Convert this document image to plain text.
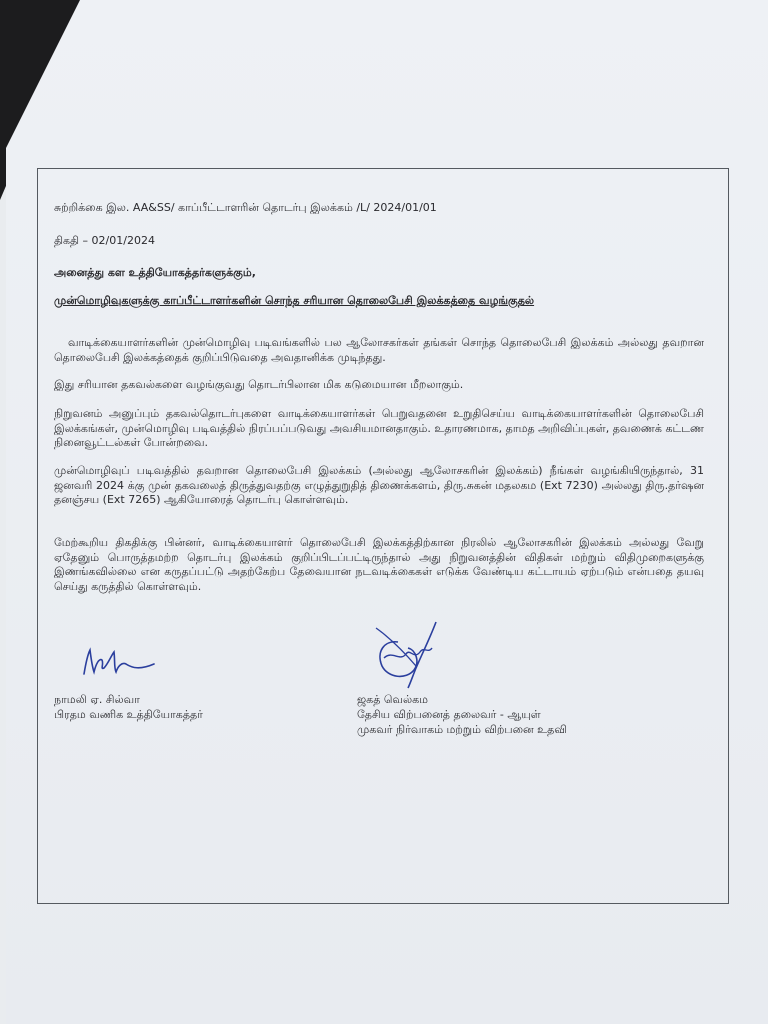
சுற்றிக்கை இல. AA&SS/ காப்பீட்டாளரின் தொடர்பு இலக்கம் /L/ 2024/01/01
திகதி – 02/01/2024
அனைத்து கள உத்தியோகத்தர்களுக்கும்,
முன்மொழிவுகளுக்கு காப்பீட்டாளர்களின் சொந்த சரியான தொலைபேசி இலக்கத்தை வழங்குதல்
வாடிக்கையாளர்களின் முன்மொழிவு படிவங்களில் பல ஆலோசகர்கள் தங்கள் சொந்த தொலைபேசி இலக்கம் அல்லது தவறான தொலைபேசி இலக்கத்தைக் குறிப்பிடுவதை அவதானிக்க முடிந்தது.
இது சரியான தகவல்களை வழங்குவது தொடர்பிலான மிக கடுமையான மீறலாகும்.
நிறுவனம் அனுப்பும் தகவல்தொடர்புகளை வாடிக்கையாளர்கள் பெறுவதனை உறுதிசெய்ய வாடிக்கையாளர்களின் தொலைபேசி இலக்கங்கள், முன்மொழிவு படிவத்தில் நிரப்பப்படுவது அவசியமானதாகும். உதாரணமாக, தாமத அறிவிப்புகள், தவணைக் கட்டண நினைவூட்டல்கள் போன்றவை.
முன்மொழிவுப் படிவத்தில் தவறான தொலைபேசி இலக்கம் (அல்லது ஆலோசகரின் இலக்கம்) நீங்கள் வழங்கியிருந்தால், 31 ஜனவரி 2024 க்கு முன் தகவலைத் திருத்துவதற்கு எழுத்துறுதித் திணைக்களம், திரு.சுகன் மதலகம (Ext 7230) அல்லது திரு.தர்ஷன தனஞ்சய (Ext 7265) ஆகியோரைத் தொடர்பு கொள்ளவும்.
மேற்கூறிய திகதிக்கு பின்னர், வாடிக்கையாளர் தொலைபேசி இலக்கத்திற்கான நிரலில் ஆலோசகரின் இலக்கம் அல்லது வேறு ஏதேனும் பொருத்தமற்ற தொடர்பு இலக்கம் குறிப்பிடப்பட்டிருந்தால் அது நிறுவனத்தின் விதிகள் மற்றும் விதிமுறைகளுக்கு இணங்கவில்லை என கருதப்பட்டு அதற்கேற்ப தேவையான நடவடிக்கைகள் எடுக்க வேண்டிய கட்டாயம் ஏற்படும் என்பதை தயவு செய்து கருத்தில் கொள்ளவும்.
நாமலி ஏ. சில்வா
பிரதம வணிக உத்தியோகத்தர்
ஜகத் வெல்கம
தேசிய விற்பனைத் தலைவர் - ஆயுள்
முகவர் நிர்வாகம் மற்றும் விற்பனை உதவி
